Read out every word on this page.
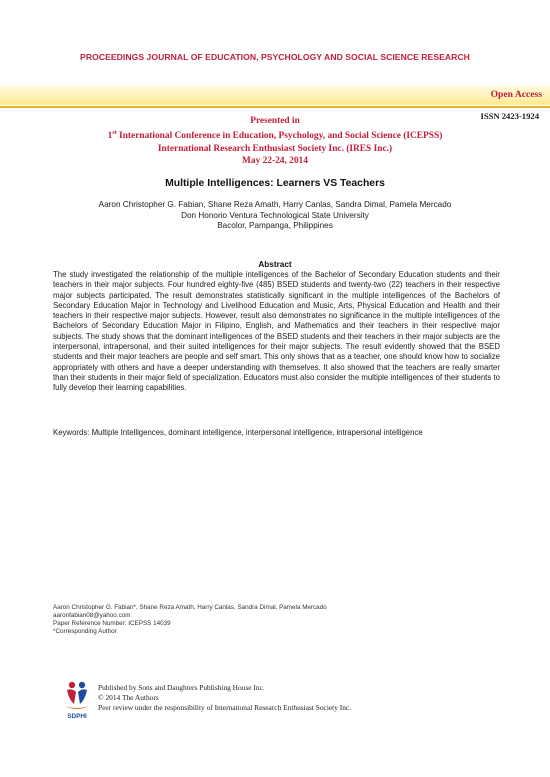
PROCEEDINGS JOURNAL OF EDUCATION, PSYCHOLOGY AND SOCIAL SCIENCE RESEARCH
Open Access
ISSN 2423-1924
Presented in
1st International Conference in Education, Psychology, and Social Science (ICEPSS)
International Research Enthusiast Society Inc. (IRES Inc.)
May 22-24, 2014
Multiple Intelligences: Learners VS Teachers
Aaron Christopher G. Fabian, Shane Reza Amath, Harry Canlas, Sandra Dimal, Pamela Mercado
Don Honorio Ventura Technological State University
Bacolor, Pampanga, Philippines
Abstract
The study investigated the relationship of the multiple intelligences of the Bachelor of Secondary Education students and their teachers in their major subjects. Four hundred eighty-five (485) BSED students and twenty-two (22) teachers in their respective major subjects participated. The result demonstrates statistically significant in the multiple intelligences of the Bachelors of Secondary Education Major in Technology and Livelihood Education and Music, Arts, Physical Education and Health and their teachers in their respective major subjects. However, result also demonstrates no significance in the multiple intelligences of the Bachelors of Secondary Education Major in Filipino, English, and Mathematics and their teachers in their respective major subjects. The study shows that the dominant intelligences of the BSED students and their teachers in their major subjects are the interpersonal, intrapersonal, and their suited intelligences for their major subjects. The result evidently showed that the BSED students and their major teachers are people and self smart. This only shows that as a teacher, one should know how to socialize appropriately with others and have a deeper understanding with themselves. It also showed that the teachers are really smarter than their students in their major field of specialization. Educators must also consider the multiple intelligences of their students to fully develop their learning capabilities.
Keywords: Multiple Intelligences, dominant intelligence, interpersonal intelligence, intrapersonal intelligence
Aaron Christopher G. Fabian*, Shane Reza Amath, Harry Canlas, Sandra Dimal, Pamela Mercado
aaronfabian08@yahoo.com
Paper Reference Number: ICEPSS 14039
*Corresponding Author
SDPHI
Published by Sons and Daughters Publishing House Inc.
© 2014 The Authors
Peer review under the responsibility of International Research Enthusiast Society Inc.
